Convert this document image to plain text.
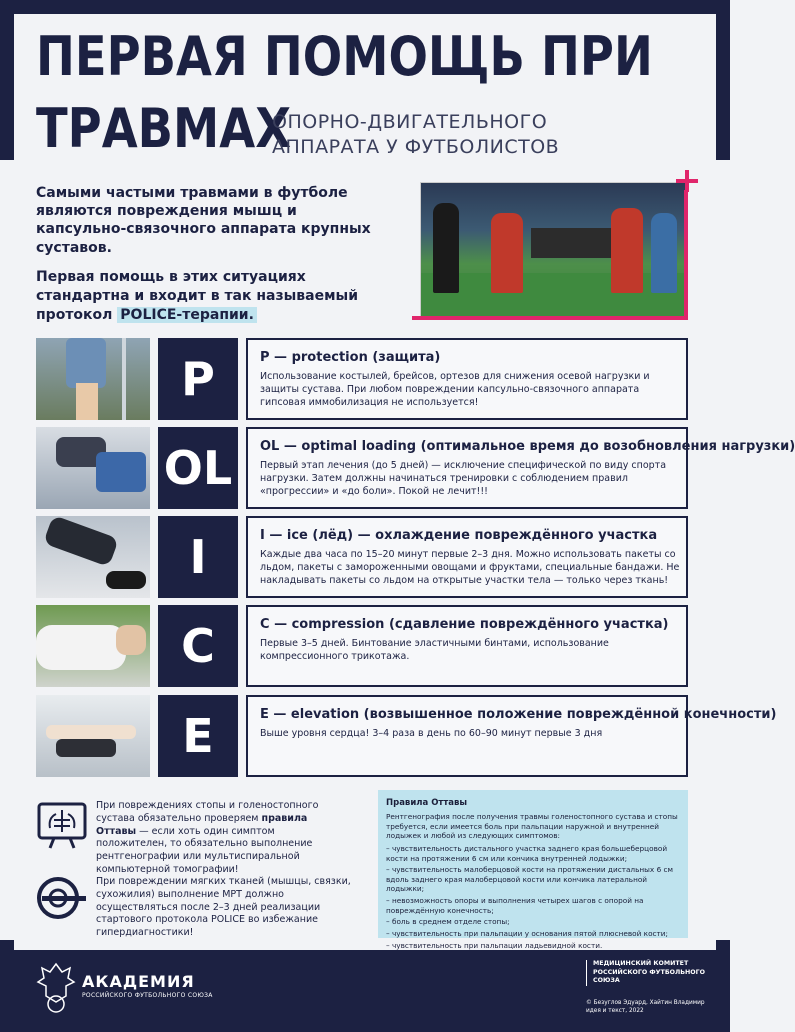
ПЕРВАЯ ПОМОЩЬ ПРИ
ТРАВМАХ
ОПОРНО-ДВИГАТЕЛЬНОГО
АППАРАТА У ФУТБОЛИСТОВ
Самыми частыми травмами в футболе являются повреждения мышц и капсульно-связочного аппарата крупных суставов.
Первая помощь в этих ситуациях стандартна и входит в так называемый протокол POLICE-терапии.
P	P — protection (защита)
Использование костылей, брейсов, ортезов для снижения осевой нагрузки и защиты сустава. При любом повреждении капсульно-связочного аппарата гипсовая иммобилизация не используется!
OL	OL — optimal loading (оптимальное время до возобновления нагрузки)
Первый этап лечения (до 5 дней) — исключение специфической по виду спорта нагрузки. Затем должны начинаться тренировки с соблюдением правил «прогрессии» и «до боли». Покой не лечит!!!
I	I — ice (лёд) — охлаждение повреждённого участка
Каждые два часа по 15–20 минут первые 2–3 дня. Можно использовать пакеты со льдом, пакеты с замороженными овощами и фруктами, специальные бандажи. Не накладывать пакеты со льдом на открытые участки тела — только через ткань!
C	C — compression (сдавление повреждённого участка)
Первые 3–5 дней. Бинтование эластичными бинтами, использование компрессионного трикотажа.
E	E — elevation (возвышенное положение повреждённой конечности)
Выше уровня сердца! 3–4 раза в день по 60–90 минут первые 3 дня
При повреждениях стопы и голеностопного сустава обязательно проверяем правила Оттавы — если хоть один симптом положителен, то обязательно выполнение рентгенографии или мультиспиральной компьютерной томографии!
При повреждении мягких тканей (мышцы, связки, сухожилия) выполнение МРТ должно осуществляться после 2–3 дней реализации стартового протокола POLICE во избежание гипердиагностики!
Правила Оттавы
Рентгенография после получения травмы голеностопного сустава и стопы требуется, если имеется боль при пальпации наружной и внутренней лодыжек и любой из следующих симптомов:
– чувствительность дистального участка заднего края большеберцовой кости на протяжении 6 см или кончика внутренней лодыжки;
– чувствительность малоберцовой кости на протяжении дистальных 6 см вдоль заднего края малоберцовой кости или кончика латеральной лодыжки;
– невозможность опоры и выполнения четырех шагов с опорой на повреждённую конечность;
– боль в среднем отделе стопы;
– чувствительность при пальпации у основания пятой плюсневой кости;
– чувствительность при пальпации ладьевидной кости.
АКАДЕМИЯ
РОССИЙСКОГО ФУТБОЛЬНОГО СОЮЗА
МЕДИЦИНСКИЙ КОМИТЕТ
РОССИЙСКОГО ФУТБОЛЬНОГО СОЮЗА
© Безуглов Эдуард, Хайтин Владимир
идея и текст, 2022
